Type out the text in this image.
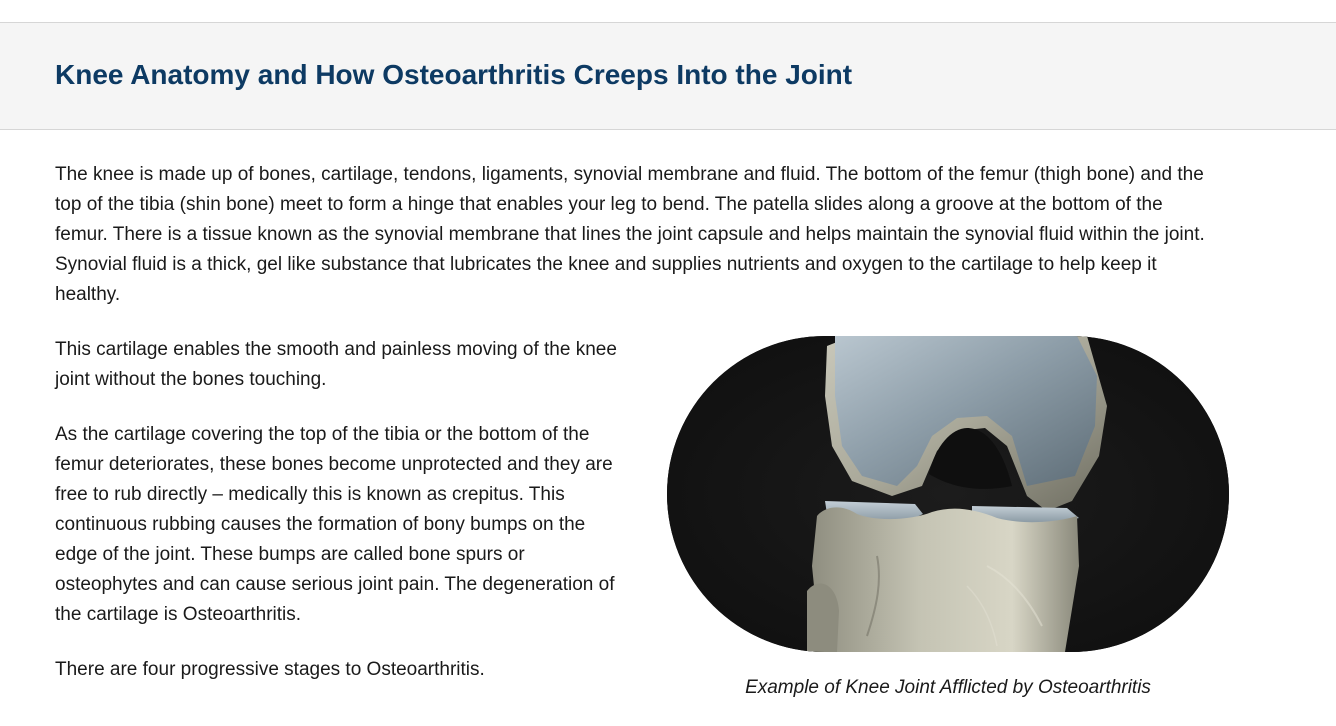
Knee Anatomy and How Osteoarthritis Creeps Into the Joint

The knee is made up of bones, cartilage, tendons, ligaments, synovial membrane and fluid. The bottom of the femur (thigh bone) and the top of the tibia (shin bone) meet to form a hinge that enables your leg to bend. The patella slides along a groove at the bottom of the femur. There is a tissue known as the synovial membrane that lines the joint capsule and helps maintain the synovial fluid within the joint. Synovial fluid is a thick, gel like substance that lubricates the knee and supplies nutrients and oxygen to the cartilage to help keep it healthy.

This cartilage enables the smooth and painless moving of the knee joint without the bones touching.

As the cartilage covering the top of the tibia or the bottom of the femur deteriorates, these bones become unprotected and they are free to rub directly – medically this is known as crepitus. This continuous rubbing causes the formation of bony bumps on the edge of the joint. These bumps are called bone spurs or osteophytes and can cause serious joint pain. The degeneration of the cartilage is Osteoarthritis.

There are four progressive stages to Osteoarthritis.

Example of Knee Joint Afflicted by Osteoarthritis
